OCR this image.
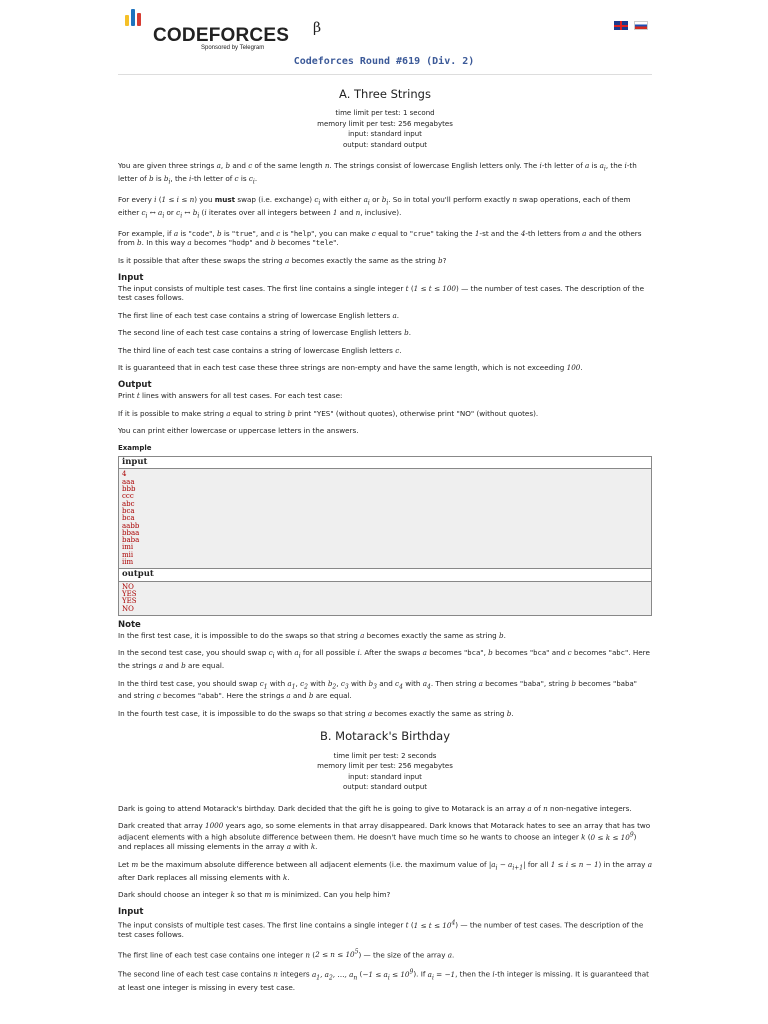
CODEFORCES β
Sponsored by Telegram

Codeforces Round #619 (Div. 2)
A. Three Strings
time limit per test: 1 second
memory limit per test: 256 megabytes
input: standard input
output: standard output

You are given three strings a, b and c of the same length n. The strings consist of lowercase English letters only. The i-th letter of a is $a_i$, the i-th letter of b is $b_i$, the i-th letter of c is $c_i$.

For every i (1 ≤ i ≤ n) you must swap (i.e. exchange) $c_i$ with either $a_i$ or $b_i$. So in total you'll perform exactly n swap operations, each of them either $c_i$ ↔ $a_i$ or $c_i$ ↔ $b_i$ (i iterates over all integers between 1 and n, inclusive).

For example, if a is "code", b is "true", and c is "help", you can make c equal to "crue" taking the 1-st and the 4-th letters from a and the others from b. In this way a becomes "hodp" and b becomes "tele".

Is it possible that after these swaps the string a becomes exactly the same as the string b?

Input

The input consists of multiple test cases. The first line contains a single integer t (1 ≤ t ≤ 100) — the number of test cases. The description of the test cases follows.

The first line of each test case contains a string of lowercase English letters a.

The second line of each test case contains a string of lowercase English letters b.

The third line of each test case contains a string of lowercase English letters c.

It is guaranteed that in each test case these three strings are non-empty and have the same length, which is not exceeding 100.

Output

Print t lines with answers for all test cases. For each test case:

If it is possible to make string a equal to string b print "YES" (without quotes), otherwise print "NO" (without quotes).

You can print either lowercase or uppercase letters in the answers.

Example
input
4
aaa
bbb
ccc
abc
bca
bca
aabb
bbaa
baba
imi
mii
iim
output
NO
YES
YES
NO
Note

In the first test case, it is impossible to do the swaps so that string a becomes exactly the same as string b.

In the second test case, you should swap $c_i$ with $a_i$ for all possible i. After the swaps a becomes "bca", b becomes "bca" and c becomes "abc". Here the strings a and b are equal.

In the third test case, you should swap $c_1$ with $a_1$, $c_2$ with $b_2$, $c_3$ with $b_3$ and $c_4$ with $a_4$. Then string a becomes "baba", string b becomes "baba" and string c becomes "abab". Here the strings a and b are equal.

In the fourth test case, it is impossible to do the swaps so that string a becomes exactly the same as string b.

B. Motarack's Birthday
time limit per test: 2 seconds
memory limit per test: 256 megabytes
input: standard input
output: standard output

Dark is going to attend Motarack's birthday. Dark decided that the gift he is going to give to Motarack is an array a of n non-negative integers.

Dark created that array 1000 years ago, so some elements in that array disappeared. Dark knows that Motarack hates to see an array that has two adjacent elements with a high absolute difference between them. He doesn't have much time so he wants to choose an integer k $(0 \le k \le 10^9)$ and replaces all missing elements in the array a with k.

Let m be the maximum absolute difference between all adjacent elements (i.e. the maximum value of $|a_i - a_{i+1}|$ for all 1 ≤ i ≤ n − 1) in the array a after Dark replaces all missing elements with k.

Dark should choose an integer k so that m is minimized. Can you help him?

Input

The input consists of multiple test cases. The first line contains a single integer t $(1 \le t \le 10^4)$ — the number of test cases. The description of the test cases follows.

The first line of each test case contains one integer n $(2 \le n \le 10^5)$ — the size of the array a.

The second line of each test case contains n integers $a_1$, $a_2$, …, $a_n$ $(-1 \le a_i \le 10^9)$. If $a_i = -1$, then the i-th integer is missing. It is guaranteed that at least one integer is missing in every test case.
